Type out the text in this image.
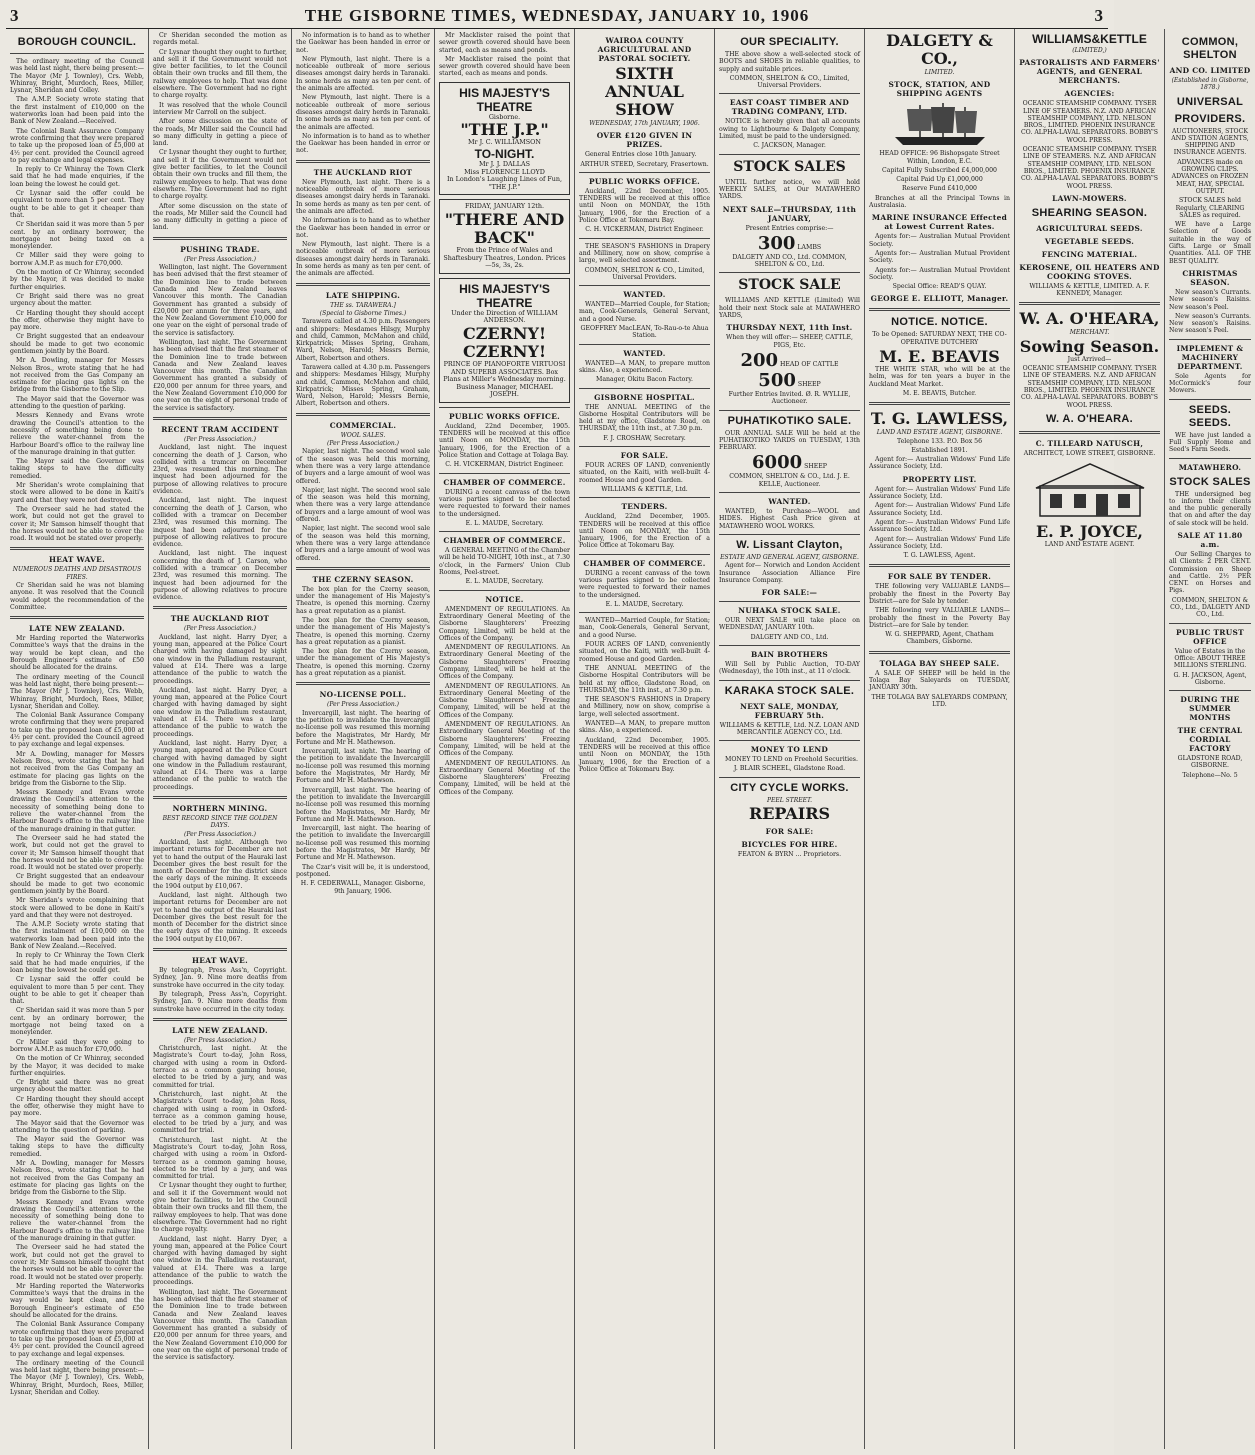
THE GISBORNE TIMES, WEDNESDAY, JANUARY 10, 1906
3	3
BOROUGH COUNCIL.

The ordinary meeting of the Council was held last night, there being present:— The Mayor (Mr J. Townley), Crs. Webb, Whinray, Bright, Murdoch, Rees, Miller, Lysnar, Sheridan and Colley.

The A.M.P. Society wrote stating that the first instalment of £10,000 on the waterworks loan had been paid into the Bank of New Zealand.—Received.

The Colonial Bank Assurance Company wrote confirming that they were prepared to take up the proposed loan of £5,000 at 4½ per cent. provided the Council agreed to pay exchange and legal expenses.

In reply to Cr Whinray the Town Clerk said that he had made enquiries, if the loan being the lowest he could get.

Cr Lysnar said the offer could be equivalent to more than 5 per cent. They ought to be able to get it cheaper than that.

Cr Sheridan said it was more than 5 per cent. by an ordinary borrower, the mortgage not being taxed on a moneylender.

Cr Miller said they were going to borrow A.M.P. as much for £70,000.

On the motion of Cr Whinray, seconded by the Mayor, it was decided to make further enquiries.

Cr Bright said there was no great urgency about the matter.

Cr Harding thought they should accept the offer, otherwise they might have to pay more.

Cr Bright suggested that an endeavour should be made to get two economic gentlemen jointly by the Board.

Mr A. Dowling, manager for Messrs Nelson Bros., wrote stating that he had not received from the Gas Company an estimate for placing gas lights on the bridge from the Gisborne to the Slip.

The Mayor said that the Governor was attending to the question of parking.

Messrs Kennedy and Evans wrote drawing the Council's attention to the necessity of something being done to relieve the water-channel from the Harbour Board's office to the railway line of the manurage draining in that gutter.

The Mayor said the Governor was taking steps to have the difficulty remedied.

Mr Sheridan's wrote complaining that stock were allowed to be done in Kaiti's yard and that they were not destroyed.

The Overseer said he had stated the work, but could not get the gravel to cover it; Mr Samson himself thought that the horses would not be able to cover the road. It would not be stated over properly.

HEAT WAVE.
NUMEROUS DEATHS AND DISASTROUS FIRES.

Cr Sheridan said he was not blaming anyone. It was resolved that the Council would adopt the recommendation of the Committee.

LATE NEW ZEALAND.

Mr Harding reported the Waterworks Committee's ways that the drains in the way would be kept clean, and the Borough Engineer's estimate of £50 should be allocated for the drains.

The ordinary meeting of the Council was held last night, there being present:— The Mayor (Mr J. Townley), Crs. Webb, Whinray, Bright, Murdoch, Rees, Miller, Lysnar, Sheridan and Colley.

The Colonial Bank Assurance Company wrote confirming that they were prepared to take up the proposed loan of £5,000 at 4½ per cent. provided the Council agreed to pay exchange and legal expenses.

Mr A. Dowling, manager for Messrs Nelson Bros., wrote stating that he had not received from the Gas Company an estimate for placing gas lights on the bridge from the Gisborne to the Slip.

Messrs Kennedy and Evans wrote drawing the Council's attention to the necessity of something being done to relieve the water-channel from the Harbour Board's office to the railway line of the manurage draining in that gutter.

The Overseer said he had stated the work, but could not get the gravel to cover it; Mr Samson himself thought that the horses would not be able to cover the road. It would not be stated over properly.

Cr Bright suggested that an endeavour should be made to get two economic gentlemen jointly by the Board.

Mr Sheridan's wrote complaining that stock were allowed to be done in Kaiti's yard and that they were not destroyed.

The A.M.P. Society wrote stating that the first instalment of £10,000 on the waterworks loan had been paid into the Bank of New Zealand.—Received.

In reply to Cr Whinray the Town Clerk said that he had made enquiries, if the loan being the lowest he could get.

Cr Lysnar said the offer could be equivalent to more than 5 per cent. They ought to be able to get it cheaper than that.

Cr Sheridan said it was more than 5 per cent. by an ordinary borrower, the mortgage not being taxed on a moneylender.

Cr Miller said they were going to borrow A.M.P. as much for £70,000.

On the motion of Cr Whinray, seconded by the Mayor, it was decided to make further enquiries.

Cr Bright said there was no great urgency about the matter.

Cr Harding thought they should accept the offer, otherwise they might have to pay more.

The Mayor said that the Governor was attending to the question of parking.

The Mayor said the Governor was taking steps to have the difficulty remedied.

Mr A. Dowling, manager for Messrs Nelson Bros., wrote stating that he had not received from the Gas Company an estimate for placing gas lights on the bridge from the Gisborne to the Slip.

Messrs Kennedy and Evans wrote drawing the Council's attention to the necessity of something being done to relieve the water-channel from the Harbour Board's office to the railway line of the manurage draining in that gutter.

The Overseer said he had stated the work, but could not get the gravel to cover it; Mr Samson himself thought that the horses would not be able to cover the road. It would not be stated over properly.

Mr Harding reported the Waterworks Committee's ways that the drains in the way would be kept clean, and the Borough Engineer's estimate of £50 should be allocated for the drains.

The Colonial Bank Assurance Company wrote confirming that they were prepared to take up the proposed loan of £5,000 at 4½ per cent. provided the Council agreed to pay exchange and legal expenses.

The ordinary meeting of the Council was held last night, there being present:— The Mayor (Mr J. Townley), Crs. Webb, Whinray, Bright, Murdoch, Rees, Miller, Lysnar, Sheridan and Colley.

Cr Sheridan seconded the motion as regards metal.

Cr Lysnar thought they ought to further, and sell it if the Government would not give better facilities, to let the Council obtain their own trucks and fill them, the railway employees to help. That was done elsewhere. The Government had no right to charge royalty.

It was resolved that the whole Council interview Mr Carroll on the subject.

After some discussion on the state of the roads, Mr Miller said the Council had so many difficulty in getting a piece of land.

Cr Lysnar thought they ought to further, and sell it if the Government would not give better facilities, to let the Council obtain their own trucks and fill them, the railway employees to help. That was done elsewhere. The Government had no right to charge royalty.

After some discussion on the state of the roads, Mr Miller said the Council had so many difficulty in getting a piece of land.

PUSHING TRADE.
(Per Press Association.)

Wellington, last night. The Government has been advised that the first steamer of the Dominion line to trade between Canada and New Zealand leaves Vancouver this month. The Canadian Government has granted a subsidy of £20,000 per annum for three years, and the New Zealand Government £10,000 for one year on the eight of personal trade of the service is satisfactory.

Wellington, last night. The Government has been advised that the first steamer of the Dominion line to trade between Canada and New Zealand leaves Vancouver this month. The Canadian Government has granted a subsidy of £20,000 per annum for three years, and the New Zealand Government £10,000 for one year on the eight of personal trade of the service is satisfactory.

RECENT TRAM ACCIDENT
(Per Press Association.)

Auckland, last night. The inquest concerning the death of J. Carson, who collided with a tramcar on December 23rd, was resumed this morning. The inquest had been adjourned for the purpose of allowing relatives to procure evidence.

Auckland, last night. The inquest concerning the death of J. Carson, who collided with a tramcar on December 23rd, was resumed this morning. The inquest had been adjourned for the purpose of allowing relatives to procure evidence.

Auckland, last night. The inquest concerning the death of J. Carson, who collided with a tramcar on December 23rd, was resumed this morning. The inquest had been adjourned for the purpose of allowing relatives to procure evidence.

THE AUCKLAND RIOT
(Per Press Association.)

Auckland, last night. Harry Dyer, a young man, appeared at the Police Court charged with having damaged by sight one window in the Palladium restaurant, valued at £14. There was a large attendance of the public to watch the proceedings.

Auckland, last night. Harry Dyer, a young man, appeared at the Police Court charged with having damaged by sight one window in the Palladium restaurant, valued at £14. There was a large attendance of the public to watch the proceedings.

Auckland, last night. Harry Dyer, a young man, appeared at the Police Court charged with having damaged by sight one window in the Palladium restaurant, valued at £14. There was a large attendance of the public to watch the proceedings.

NORTHERN MINING.
BEST RECORD SINCE THE GOLDEN DAYS.
(Per Press Association.)

Auckland, last night. Although two important returns for December are not yet to hand the output of the Hauraki last December gives the best result for the month of December for the district since the early days of the mining. It exceeds the 1904 output by £10,067.

Auckland, last night. Although two important returns for December are not yet to hand the output of the Hauraki last December gives the best result for the month of December for the district since the early days of the mining. It exceeds the 1904 output by £10,067.

HEAT WAVE.

By telegraph, Press Ass'n, Copyright. Sydney, Jan. 9. Nine more deaths from sunstroke have occurred in the city today.

By telegraph, Press Ass'n, Copyright. Sydney, Jan. 9. Nine more deaths from sunstroke have occurred in the city today.

LATE NEW ZEALAND.
(Per Press Association.)

Christchurch, last night. At the Magistrate's Court to-day, John Ross, charged with using a room in Oxford-terrace as a common gaming house, elected to be tried by a jury, and was committed for trial.

Christchurch, last night. At the Magistrate's Court to-day, John Ross, charged with using a room in Oxford-terrace as a common gaming house, elected to be tried by a jury, and was committed for trial.

Christchurch, last night. At the Magistrate's Court to-day, John Ross, charged with using a room in Oxford-terrace as a common gaming house, elected to be tried by a jury, and was committed for trial.

Cr Lysnar thought they ought to further, and sell it if the Government would not give better facilities, to let the Council obtain their own trucks and fill them, the railway employees to help. That was done elsewhere. The Government had no right to charge royalty.

Auckland, last night. Harry Dyer, a young man, appeared at the Police Court charged with having damaged by sight one window in the Palladium restaurant, valued at £14. There was a large attendance of the public to watch the proceedings.

Wellington, last night. The Government has been advised that the first steamer of the Dominion line to trade between Canada and New Zealand leaves Vancouver this month. The Canadian Government has granted a subsidy of £20,000 per annum for three years, and the New Zealand Government £10,000 for one year on the eight of personal trade of the service is satisfactory.

No information is to hand as to whether the Gaekwar has been handed in error or not.

New Plymouth, last night. There is a noticeable outbreak of more serious diseases amongst dairy herds in Taranaki. In some herds as many as ten per cent. of the animals are affected.

New Plymouth, last night. There is a noticeable outbreak of more serious diseases amongst dairy herds in Taranaki. In some herds as many as ten per cent. of the animals are affected.

No information is to hand as to whether the Gaekwar has been handed in error or not.

THE AUCKLAND RIOT

New Plymouth, last night. There is a noticeable outbreak of more serious diseases amongst dairy herds in Taranaki. In some herds as many as ten per cent. of the animals are affected.

No information is to hand as to whether the Gaekwar has been handed in error or not.

New Plymouth, last night. There is a noticeable outbreak of more serious diseases amongst dairy herds in Taranaki. In some herds as many as ten per cent. of the animals are affected.

LATE SHIPPING.
THE ss. TARAWERA.]
(Special to Gisborne Times.)

Tarawera called at 4.30 p.m. Passengers and shippers: Mesdames Hilsgy, Murphy and child, Cammon, McMahon and child, Kirkpatrick; Misses Spring, Graham, Ward, Nelson, Harold; Messrs Bernie, Albert, Robertson and others.

Tarawera called at 4.30 p.m. Passengers and shippers: Mesdames Hilsgy, Murphy and child, Cammon, McMahon and child, Kirkpatrick; Misses Spring, Graham, Ward, Nelson, Harold; Messrs Bernie, Albert, Robertson and others.

COMMERCIAL.
WOOL SALES.
(Per Press Association.)

Napier, last night. The second wool sale of the season was held this morning, when there was a very large attendance of buyers and a large amount of wool was offered.

Napier, last night. The second wool sale of the season was held this morning, when there was a very large attendance of buyers and a large amount of wool was offered.

Napier, last night. The second wool sale of the season was held this morning, when there was a very large attendance of buyers and a large amount of wool was offered.

THE CZERNY SEASON.

The box plan for the Czerny season, under the management of His Majesty's Theatre, is opened this morning. Czerny has a great reputation as a pianist.

The box plan for the Czerny season, under the management of His Majesty's Theatre, is opened this morning. Czerny has a great reputation as a pianist.

The box plan for the Czerny season, under the management of His Majesty's Theatre, is opened this morning. Czerny has a great reputation as a pianist.

NO-LICENSE POLL.
(Per Press Association.)

Invercargill, last night. The hearing of the petition to invalidate the Invercargill no-license poll was resumed this morning before the Magistrates, Mr Hardy, Mr Fortune and Mr H. Mathewson.

Invercargill, last night. The hearing of the petition to invalidate the Invercargill no-license poll was resumed this morning before the Magistrates, Mr Hardy, Mr Fortune and Mr H. Mathewson.

Invercargill, last night. The hearing of the petition to invalidate the Invercargill no-license poll was resumed this morning before the Magistrates, Mr Hardy, Mr Fortune and Mr H. Mathewson.

Invercargill, last night. The hearing of the petition to invalidate the Invercargill no-license poll was resumed this morning before the Magistrates, Mr Hardy, Mr Fortune and Mr H. Mathewson.

The Czar's visit will be, it is understood, postponed.

H. F. CEDERWALL, Manager. Gisborne, 9th January, 1906.

Mr Macklister raised the point that sewer growth covered should have been started, each as means and ponds.

Mr Macklister raised the point that sewer growth covered should have been started, each as means and ponds.

HIS MAJESTY'S THEATRE
Gisborne.
"THE J.P."
Mr J. C. WILLIAMSON
TO-NIGHT.
Mr J. J. DALLAS
Miss FLORENCE LLOYD
In London's Laughing Lines of Fun, "THE J.P."
FRIDAY, JANUARY 12th.
"THERE AND BACK"
From the Prince of Wales and Shaftesbury Theatres, London. Prices—5s, 3s, 2s.
HIS MAJESTY'S THEATRE
Under the Direction of WILLIAM ANDERSON.
CZERNY! CZERNY!
PRINCE OF PIANOFORTE VIRTUOSI AND SUPERB ASSOCIATES. Box Plans at Miller's Wednesday morning.
Business Manager, MICHAEL JOSEPH.
PUBLIC WORKS OFFICE.

Auckland, 22nd December, 1905. TENDERS will be received at this office until Noon on MONDAY, the 15th January, 1906, for the Erection of a Police Station and Cottage at Tolaga Bay.

C. H. VICKERMAN, District Engineer.

CHAMBER OF COMMERCE.

DURING a recent canvass of the town various parties signed to be collected were requested to forward their names to the undersigned.

E. L. MAUDE, Secretary.

CHAMBER OF COMMERCE.

A GENERAL MEETING of the Chamber will be held TO-NIGHT, 10th inst., at 7.30 o'clock, in the Farmers' Union Club Rooms, Peel-street.

E. L. MAUDE, Secretary.

NOTICE.

AMENDMENT OF REGULATIONS. An Extraordinary General Meeting of the Gisborne Slaughterers' Freezing Company, Limited, will be held at the Offices of the Company.

AMENDMENT OF REGULATIONS. An Extraordinary General Meeting of the Gisborne Slaughterers' Freezing Company, Limited, will be held at the Offices of the Company.

AMENDMENT OF REGULATIONS. An Extraordinary General Meeting of the Gisborne Slaughterers' Freezing Company, Limited, will be held at the Offices of the Company.

AMENDMENT OF REGULATIONS. An Extraordinary General Meeting of the Gisborne Slaughterers' Freezing Company, Limited, will be held at the Offices of the Company.

AMENDMENT OF REGULATIONS. An Extraordinary General Meeting of the Gisborne Slaughterers' Freezing Company, Limited, will be held at the Offices of the Company.

WAIROA COUNTY AGRICULTURAL AND PASTORAL SOCIETY.
SIXTH ANNUAL SHOW
WEDNESDAY, 17th JANUARY, 1906.
OVER £120 GIVEN IN PRIZES.

General Entries close 10th January.

ARTHUR STEED, Secretary, Frasertown.

PUBLIC WORKS OFFICE.

Auckland, 22nd December, 1905. TENDERS will be received at this office until Noon on MONDAY, the 15th January, 1906, for the Erection of a Police Office at Tokomaru Bay.

C. H. VICKERMAN, District Engineer.

THE SEASON'S FASHIONS in Drapery and Millinery, now on show, comprise a large, well selected assortment.

COMMON, SHELTON & CO., Limited, Universal Providers.

WANTED.

WANTED—Married Couple, for Station; man, Cook-Generals, General Servant, and a good Nurse.

GEOFFREY MacLEAN, To-Rau-o-te Ahua Station.

WANTED.

WANTED—A MAN, to prepare mutton skins. Also, a experienced.

Manager, Okitu Bacon Factory.

GISBORNE HOSPITAL.

THE ANNUAL MEETING of the Gisborne Hospital Contributors will be held at my office, Gladstone Road, on THURSDAY, the 11th inst., at 7.30 p.m.

F. J. CROSHAW, Secretary.

FOR SALE.

FOUR ACRES OF LAND, conveniently situated, on the Kaiti, with well-built 4-roomed House and good Garden.

WILLIAMS & KETTLE, Ltd.

TENDERS.

Auckland, 22nd December, 1905. TENDERS will be received at this office until Noon on MONDAY, the 15th January, 1906, for the Erection of a Police Office at Tokomaru Bay.

CHAMBER OF COMMERCE.

DURING a recent canvass of the town various parties signed to be collected were requested to forward their names to the undersigned.

E. L. MAUDE, Secretary.

WANTED—Married Couple, for Station; man, Cook-Generals, General Servant, and a good Nurse.

FOUR ACRES OF LAND, conveniently situated, on the Kaiti, with well-built 4-roomed House and good Garden.

THE ANNUAL MEETING of the Gisborne Hospital Contributors will be held at my office, Gladstone Road, on THURSDAY, the 11th inst., at 7.30 p.m.

THE SEASON'S FASHIONS in Drapery and Millinery, now on show, comprise a large, well selected assortment.

WANTED—A MAN, to prepare mutton skins. Also, a experienced.

Auckland, 22nd December, 1905. TENDERS will be received at this office until Noon on MONDAY, the 15th January, 1906, for the Erection of a Police Office at Tokomaru Bay.

OUR SPECIALITY.

THE above show a well-selected stock of BOOTS and SHOES in reliable qualities, to supply and suitable prices.

COMMON, SHELTON & CO., Limited, Universal Providers.

EAST COAST TIMBER AND TRADING COMPANY, LTD.

NOTICE is hereby given that all accounts owing to Lightbourne & Dalgety Company, Limited, must be paid to the undersigned.

C. JACKSON, Manager.

STOCK SALES

UNTIL further notice, we will hold WEEKLY SALES, at Our MATAWHERO YARDS.

NEXT SALE—THURSDAY, 11th JANUARY,

Present Entries comprise:—

300 LAMBS

DALGETY AND CO., Ltd. COMMON, SHELTON & CO., Ltd.

STOCK SALE

WILLIAMS AND KETTLE (Limited) Will hold their next Stock sale at MATAWHERO YARDS,

THURSDAY NEXT, 11th Inst.

When they will offer:— SHEEP, CATTLE, PIGS, Etc.

200 HEAD OF CATTLE
500 SHEEP

Further Entries Invited. Ø. R. WYLLIE, Auctioneer.

PUHATIKOTIKO SALE.

OUR ANNUAL SALE Will be held at the PUHATIKOTIKO YARDS on TUESDAY, 13th FEBRUARY.

6000 SHEEP

COMMON, SHELTON & CO., Ltd. J. E. KELLE, Auctioneer.

WANTED.

WANTED, to Purchase—WOOL and HIDES. Highest Cash Price given at MATAWHERO WOOL WORKS.

W. Lissant Clayton,
ESTATE AND GENERAL AGENT, GISBORNE.

Agent for— Norwich and London Accident Insurance Association Alliance Fire Insurance Company.

FOR SALE:—
NUHAKA STOCK SALE.

OUR NEXT SALE will take place on WEDNESDAY, JANUARY 10th.

DALGETY AND CO., Ltd.

BAIN BROTHERS

Will Sell by Public Auction, TO-DAY (Wednesday), the 10th inst., at 11 o'clock.

KARAKA STOCK SALE.
NEXT SALE, MONDAY, FEBRUARY 5th.

WILLIAMS & KETTLE, Ltd. N.Z. LOAN AND MERCANTILE AGENCY CO., Ltd.

MONEY TO LEND

MONEY TO LEND on Freehold Securities.

J. BLAIR SCHEEL, Gladstone Road.

CITY CYCLE WORKS.
PEEL STREET.
REPAIRS
FOR SALE:
BICYCLES FOR HIRE.

FEATON & BYRN ... Proprietors.

DALGETY & CO.,
LIMITED.
STOCK, STATION, AND SHIPPING AGENTS

HEAD OFFICE: 96 Bishopsgate Street Within, London, E.C.

Capital Fully Subscribed £4,000,000

Capital Paid Up £1,000,000

Reserve Fund £410,000

Branches at all the Principal Towns in Australasia.

MARINE INSURANCE Effected at Lowest Current Rates.

Agents for:— Australian Mutual Provident Society.

Agents for:— Australian Mutual Provident Society.

Agents for:— Australian Mutual Provident Society.

Special Office: READ'S QUAY.

GEORGE E. ELLIOTT, Manager.
NOTICE. NOTICE.

To be Opened: SATURDAY NEXT, THE CO-OPERATIVE DUTCHERY

M. E. BEAVIS

THE WHITE STAR, who will be at the helm, was for ten years a buyer in the Auckland Meat Market.

M. E. BEAVIS, Butcher.

T. G. LAWLESS,
LAND AND ESTATE AGENT, GISBORNE.

Telephone 133. P.O. Box 56

Established 1891.

Agent for:— Australian Widows' Fund Life Assurance Society, Ltd.

PROPERTY LIST.

Agent for:— Australian Widows' Fund Life Assurance Society, Ltd.

Agent for:— Australian Widows' Fund Life Assurance Society, Ltd.

Agent for:— Australian Widows' Fund Life Assurance Society, Ltd.

Agent for:— Australian Widows' Fund Life Assurance Society, Ltd.

T. G. LAWLESS, Agent.

FOR SALE BY TENDER.

THE following very VALUABLE LANDS—probably the finest in the Poverty Bay District—are for Sale by tender.

THE following very VALUABLE LANDS—probably the finest in the Poverty Bay District—are for Sale by tender.

W. G. SHEPPARD, Agent, Chatham Chambers, Gisborne.

TOLAGA BAY SHEEP SALE.

A SALE OF SHEEP will be held in the Tolaga Bay Saleyards on TUESDAY, JANUARY 30th.

THE TOLAGA BAY SALEYARDS COMPANY, LTD.

WILLIAMS&KETTLE
(LIMITED,)
PASTORALISTS AND FARMERS' AGENTS, and GENERAL MERCHANTS.
AGENCIES:

OCEANIC STEAMSHIP COMPANY. TYSER LINE OF STEAMERS. N.Z. AND AFRICAN STEAMSHIP COMPANY, LTD. NELSON BROS., LIMITED. PHOENIX INSURANCE CO. ALPHA-LAVAL SEPARATORS. BOBBY'S WOOL PRESS.

OCEANIC STEAMSHIP COMPANY. TYSER LINE OF STEAMERS. N.Z. AND AFRICAN STEAMSHIP COMPANY, LTD. NELSON BROS., LIMITED. PHOENIX INSURANCE CO. ALPHA-LAVAL SEPARATORS. BOBBY'S WOOL PRESS.

LAWN-MOWERS.
SHEARING SEASON.
AGRICULTURAL SEEDS.
VEGETABLE SEEDS.
FENCING MATERIAL.
KEROSENE, OIL HEATERS AND COOKING STOVES.

WILLIAMS & KETTLE, LIMITED. A. F. KENNEDY, Manager.

W. A. O'HEARA,
MERCHANT.
Sowing Season.

Just Arrived—

OCEANIC STEAMSHIP COMPANY. TYSER LINE OF STEAMERS. N.Z. AND AFRICAN STEAMSHIP COMPANY, LTD. NELSON BROS., LIMITED. PHOENIX INSURANCE CO. ALPHA-LAVAL SEPARATORS. BOBBY'S WOOL PRESS.

W. A. O'HEARA.
C. TILLEARD NATUSCH,

ARCHITECT, LOWE STREET, GISBORNE.

E. P. JOYCE,

LAND AND ESTATE AGENT.

COMMON, SHELTON
AND CO. LIMITED
(Established in Gisborne, 1878.)
UNIVERSAL
PROVIDERS.

AUCTIONEERS, STOCK AND STATION AGENTS, SHIPPING AND INSURANCE AGENTS.

ADVANCES made on GROWING CLIPS. ADVANCES on FROZEN MEAT, HAY, SPECIAL OUTPUT.

STOCK SALES held Regularly, CLEARING SALES as required.

WE have a Large Selection of Goods suitable in the way of Gifts. Large or Small Quantities. ALL OF THE BEST QUALITY.

CHRISTMAS SEASON.

New season's Currants. New season's Raisins. New season's Peel.

New season's Currants. New season's Raisins. New season's Peel.

IMPLEMENT & MACHINERY DEPARTMENT.

Sole Agents for McCormick's four Mowers.

SEEDS. SEEDS.

WE have just landed a Full Supply Home and Seed's Farm Seeds.

MATAWHERO.
STOCK SALES

THE undersigned beg to inform their clients and the public generally that on and after the day of sale stock will be held.

SALE AT 11.80 a.m.

Our Selling Charges to all Clients: 2 PER CENT. Commission on Sheep and Cattle. 2½ PER CENT. on Horses and Pigs.

COMMON, SHELTON & CO., Ltd., DALGETY AND CO., Ltd.

PUBLIC TRUST OFFICE

Value of Estates in the Office: ABOUT THREE MILLIONS STERLING.

G. H. JACKSON, Agent, Gisborne.

DURING THE SUMMER MONTHS
THE CENTRAL CORDIAL FACTORY

GLADSTONE ROAD, GISBORNE.

Telephone—No. 5
